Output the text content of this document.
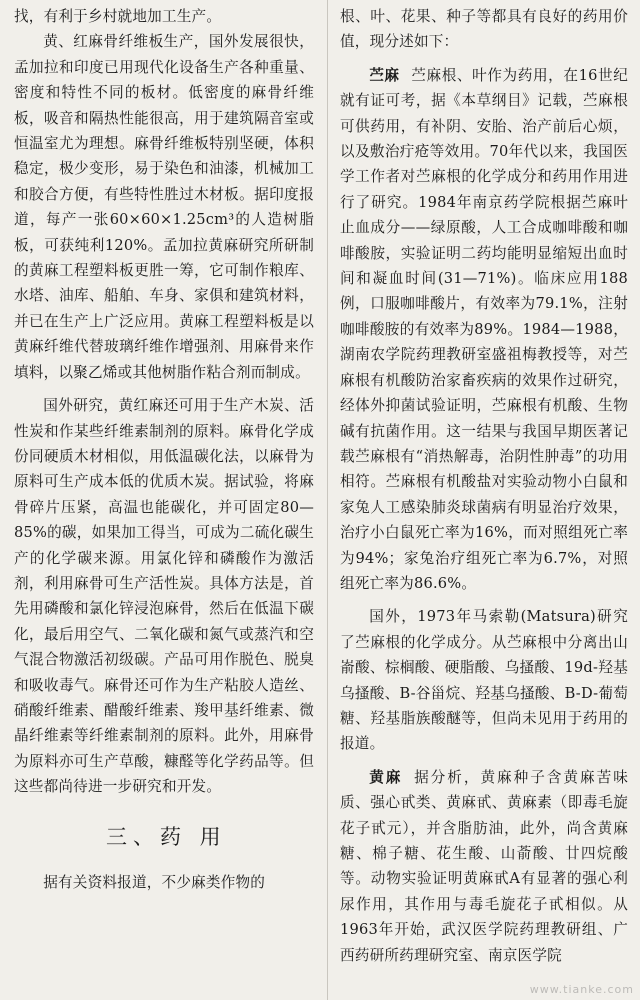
找，有利于乡村就地加工生产。

黄、红麻骨纤维板生产，国外发展很快，孟加拉和印度已用现代化设备生产各种重量、密度和特性不同的板材。低密度的麻骨纤维板，吸音和隔热性能很高，用于建筑隔音室或恒温室尤为理想。麻骨纤维板特别坚硬，体积稳定，极少变形，易于染色和油漆，机械加工和胶合方便，有些特性胜过木材板。据印度报道，每产一张60×60×1.25cm³的人造树脂板，可获纯利120%。孟加拉黄麻研究所研制的黄麻工程塑料板更胜一筹，它可制作粮库、水塔、油库、船舶、车身、家俱和建筑材料，并已在生产上广泛应用。黄麻工程塑料板是以黄麻纤维代替玻璃纤维作增强剂、用麻骨来作填料，以聚乙烯或其他树脂作粘合剂而制成。

国外研究，黄红麻还可用于生产木炭、活性炭和作某些纤维素制剂的原料。麻骨化学成份同硬质木材相似，用低温碳化法，以麻骨为原料可生产成本低的优质木炭。据试验，将麻骨碎片压紧，高温也能碳化，并可固定80—85%的碳，如果加工得当，可成为二硫化碳生产的化学碳来源。用氯化锌和磷酸作为激活剂，利用麻骨可生产活性炭。具体方法是，首先用磷酸和氯化锌浸泡麻骨，然后在低温下碳化，最后用空气、二氧化碳和氮气或蒸汽和空气混合物激活初级碳。产品可用作脱色、脱臭和吸收毒气。麻骨还可作为生产粘胶人造丝、硝酸纤维素、醋酸纤维素、羧甲基纤维素、微晶纤维素等纤维素制剂的原料。此外，用麻骨为原料亦可生产草酸，糠醛等化学药品等。但这些都尚待进一步研究和开发。

三、药 用

据有关资料报道，不少麻类作物的

根、叶、花果、种子等都具有良好的药用价值，现分述如下：

苎麻 苎麻根、叶作为药用，在16世纪就有证可考，据《本草纲目》记载，苎麻根可供药用，有补阴、安胎、治产前后心烦，以及敷治疔疮等效用。70年代以来，我国医学工作者对苎麻根的化学成分和药用作用进行了研究。1984年南京药学院根据苎麻叶止血成分——绿原酸，人工合成咖啡酸和咖啡酸胺，实验证明二药均能明显缩短出血时间和凝血时间(31—71%)。临床应用188例，口服咖啡酸片，有效率为79.1%，注射咖啡酸胺的有效率为89%。1984—1988，湖南农学院药理教研室盛祖梅教授等，对苎麻根有机酸防治家畜疾病的效果作过研究，经体外抑菌试验证明，苎麻根有机酸、生物碱有抗菌作用。这一结果与我国早期医著记载苎麻根有“消热解毒，治阴性肿毒”的功用相符。苎麻根有机酸盐对实验动物小白鼠和家兔人工感染肺炎球菌病有明显治疗效果，治疗小白鼠死亡率为16%，而对照组死亡率为94%；家兔治疗组死亡率为6.7%，对照组死亡率为86.6%。

国外，1973年马索勒(Matsura)研究了苎麻根的化学成分。从苎麻根中分离出山嵛酸、棕榈酸、硬脂酸、乌搔酸、19d-羟基乌搔酸、B-谷甾烷、羟基乌搔酸、B-D-葡萄糖、羟基脂族酸醚等，但尚未见用于药用的报道。

黄麻 据分析，黄麻种子含黄麻苦味质、强心甙类、黄麻甙、黄麻素（即毒毛旋花子甙元），并含脂肪油，此外，尚含黄麻糖、棉子糖、花生酸、山萮酸、廿四烷酸等。动物实验证明黄麻甙A有显著的强心利尿作用，其作用与毒毛旋花子甙相似。从1963年开始，武汉医学院药理教研组、广西药研所药理研究室、南京医学院

www.tianke.com
